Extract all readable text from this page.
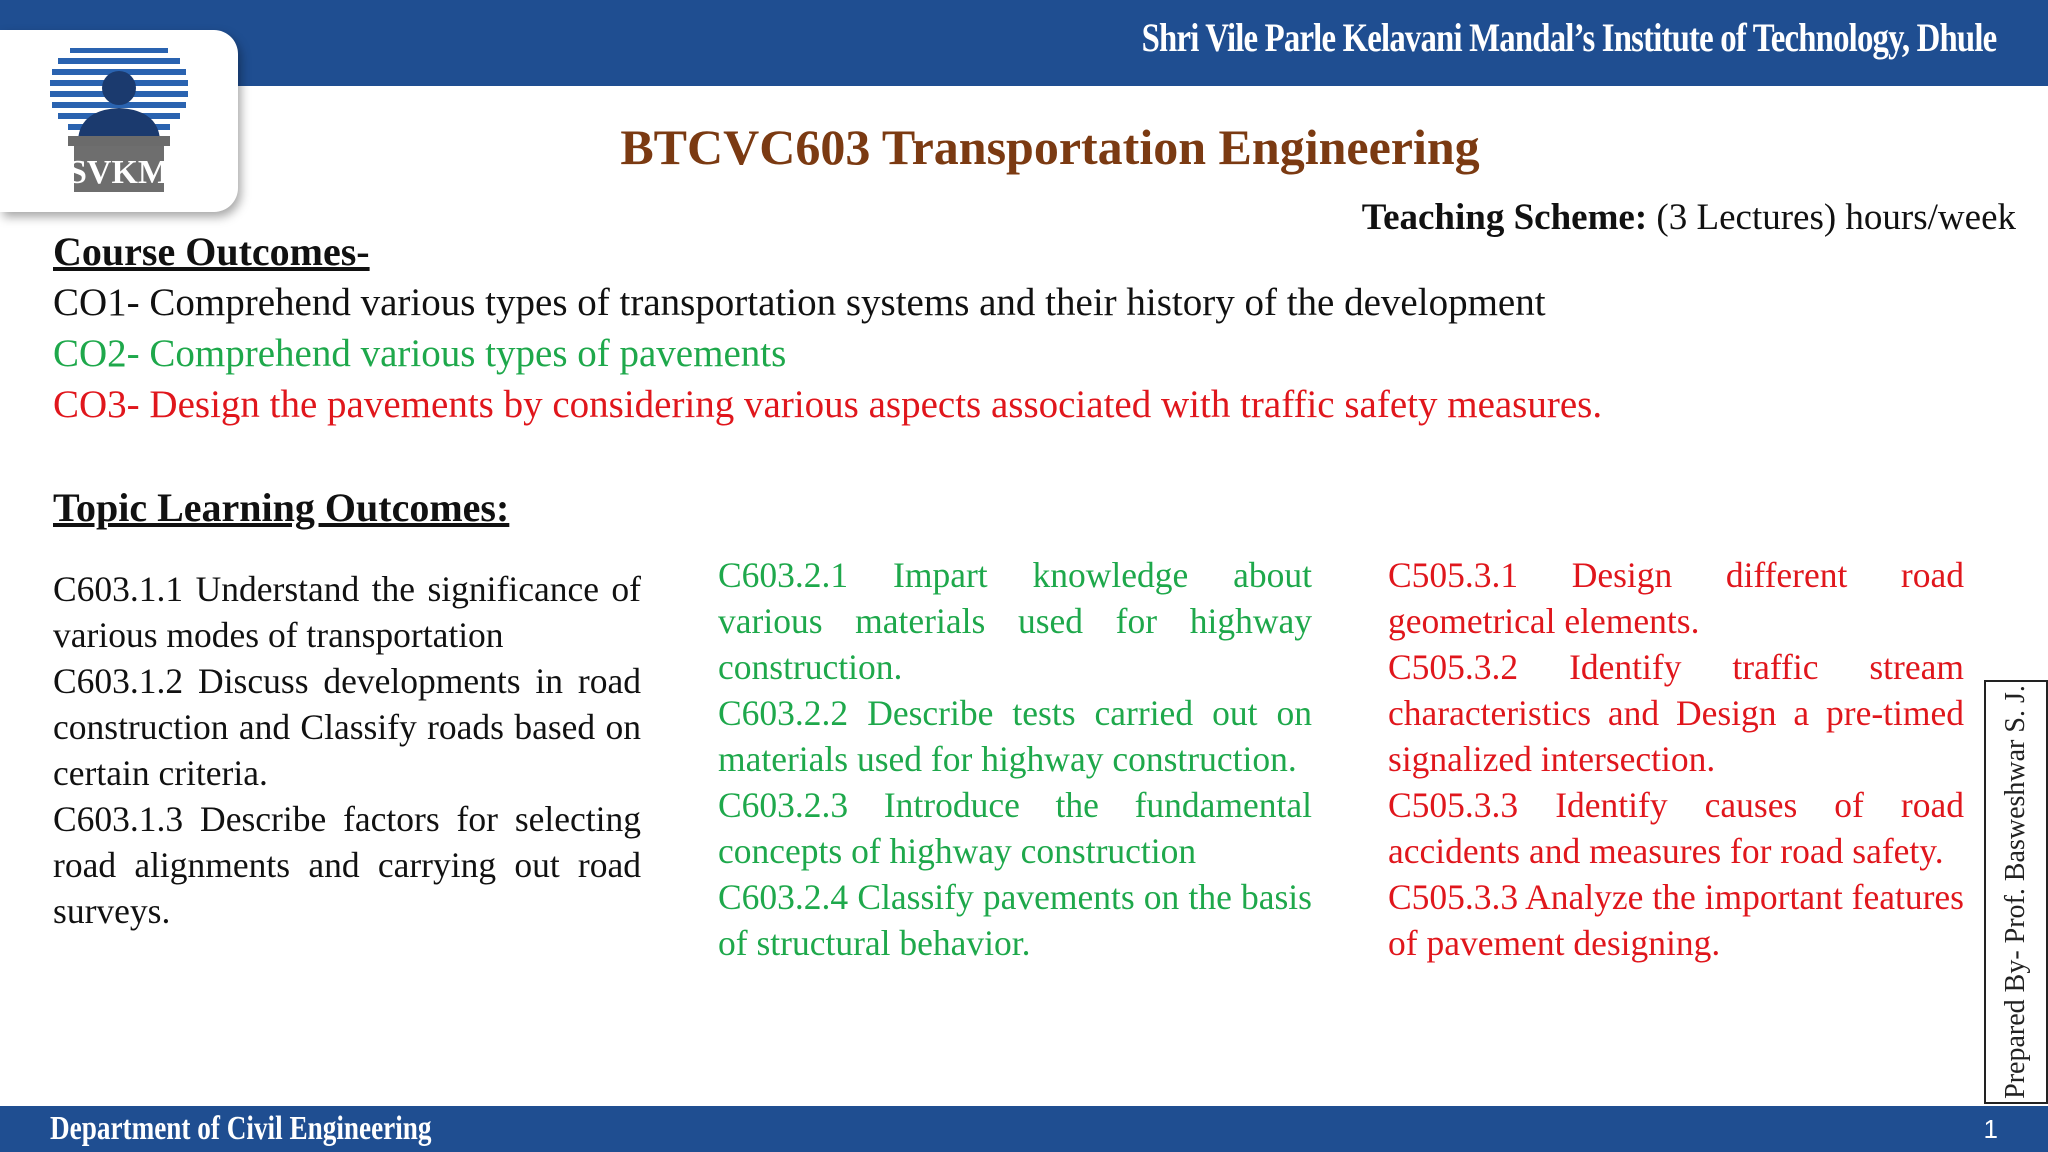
Shri Vile Parle Kelavani Mandal’s Institute of Technology, Dhule
SVKM	BTCVC603 Transportation Engineering
Teaching Scheme: (3 Lectures) hours/week
Course Outcomes-
CO1- Comprehend various types of transportation systems and their history of the development
CO2- Comprehend various types of pavements
CO3- Design the pavements by considering various aspects associated with traffic safety measures.
Topic Learning Outcomes:

C603.1.1 Understand the significance of various modes of transportation

C603.1.2 Discuss developments in road construction and Classify roads based on certain criteria.

C603.1.3 Describe factors for selecting road alignments and carrying out road surveys.

C603.2.1 Impart knowledge about various materials used for highway construction.

C603.2.2 Describe tests carried out on materials used for highway construction.

C603.2.3 Introduce the fundamental concepts of highway construction

C603.2.4 Classify pavements on the basis of structural behavior.

C505.3.1 Design different road geometrical elements.

C505.3.2 Identify traffic stream characteristics and Design a pre-timed signalized intersection.

C505.3.3 Identify causes of road accidents and measures for road safety.

C505.3.3 Analyze the important features of pavement designing.	Prepared By- Prof. Basweshwar S. J.
Department of Civil Engineering	1
